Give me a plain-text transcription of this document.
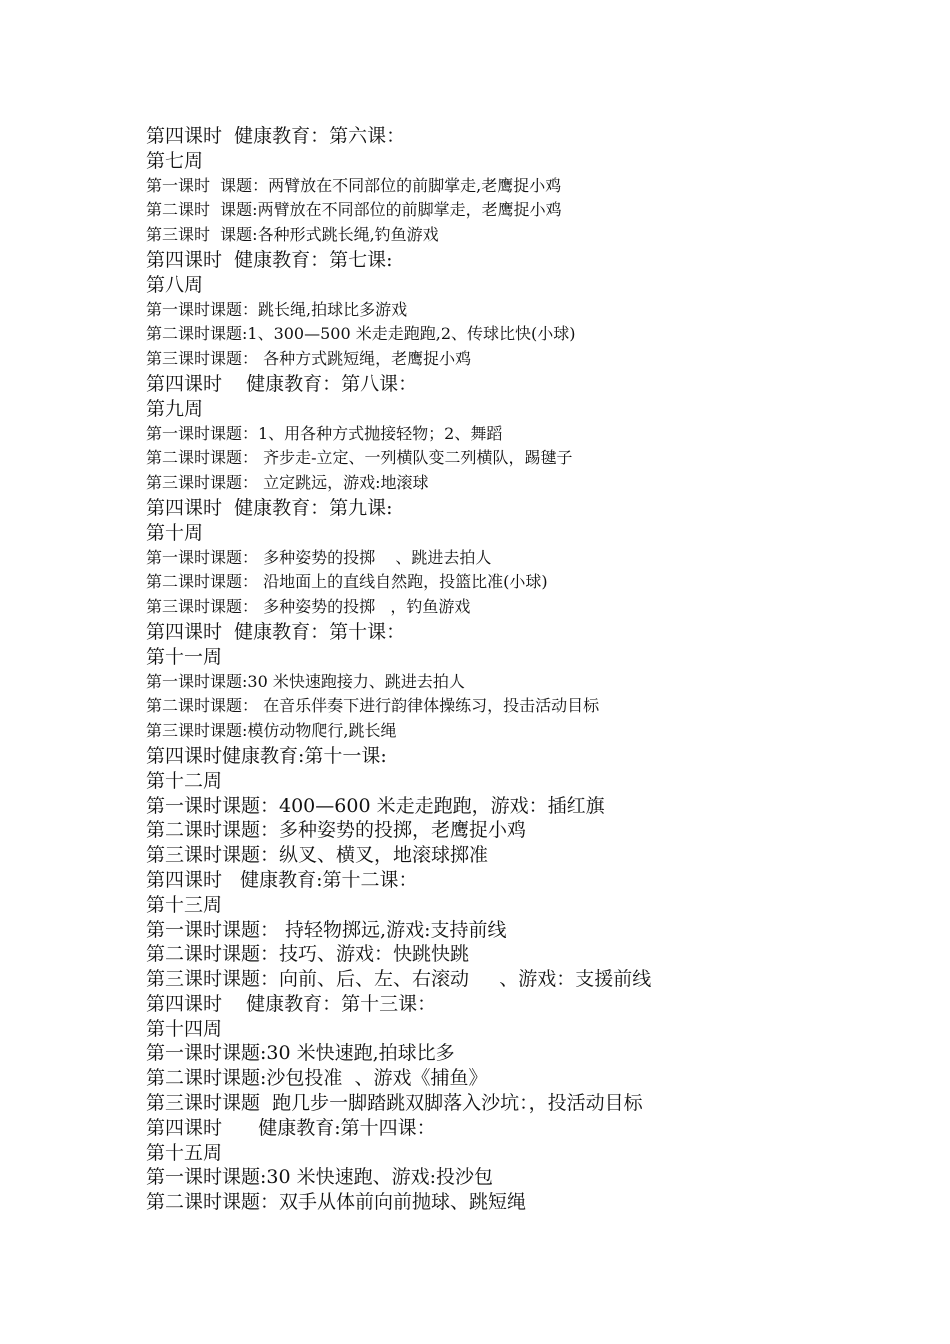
第四课时  健康教育：第六课：
第七周
第一课时  课题：两臂放在不同部位的前脚掌走,老鹰捉小鸡
第二课时  课题:两臂放在不同部位的前脚掌走，老鹰捉小鸡
第三课时  课题:各种形式跳长绳,钓鱼游戏
第四课时  健康教育：第七课:
第八周
第一课时课题：跳长绳,拍球比多游戏
第二课时课题:1、300—500 米走走跑跑,2、传球比快(小球)
第三课时课题： 各种方式跳短绳，老鹰捉小鸡
第四课时    健康教育：第八课：
第九周
第一课时课题：1、用各种方式抛接轻物；2、舞蹈
第二课时课题： 齐步走-立定、一列横队变二列横队，踢毽子
第三课时课题： 立定跳远，游戏:地滚球
第四课时  健康教育：第九课:
第十周
第一课时课题： 多种姿势的投掷    、跳进去拍人
第二课时课题： 沿地面上的直线自然跑，投篮比准(小球)
第三课时课题： 多种姿势的投掷   ，钓鱼游戏
第四课时  健康教育：第十课：
第十一周
第一课时课题:30 米快速跑接力、跳进去拍人
第二课时课题： 在音乐伴奏下进行韵律体操练习，投击活动目标
第三课时课题:模仿动物爬行,跳长绳
第四课时健康教育:第十一课:
第十二周
第一课时课题：400—600 米走走跑跑，游戏：插红旗
第二课时课题：多种姿势的投掷，老鹰捉小鸡
第三课时课题：纵叉、横叉，地滚球掷准
第四课时   健康教育:第十二课：
第十三周
第一课时课题： 持轻物掷远,游戏:支持前线
第二课时课题：技巧、游戏：快跳快跳
第三课时课题：向前、后、左、右滚动     、游戏：支援前线
第四课时    健康教育：第十三课：
第十四周
第一课时课题:30 米快速跑,拍球比多
第二课时课题:沙包投准  、游戏《捕鱼》
第三课时课题  跑几步一脚踏跳双脚落入沙坑：，投活动目标
第四课时      健康教育:第十四课：
第十五周
第一课时课题:30 米快速跑、游戏:投沙包
第二课时课题：双手从体前向前抛球、跳短绳
